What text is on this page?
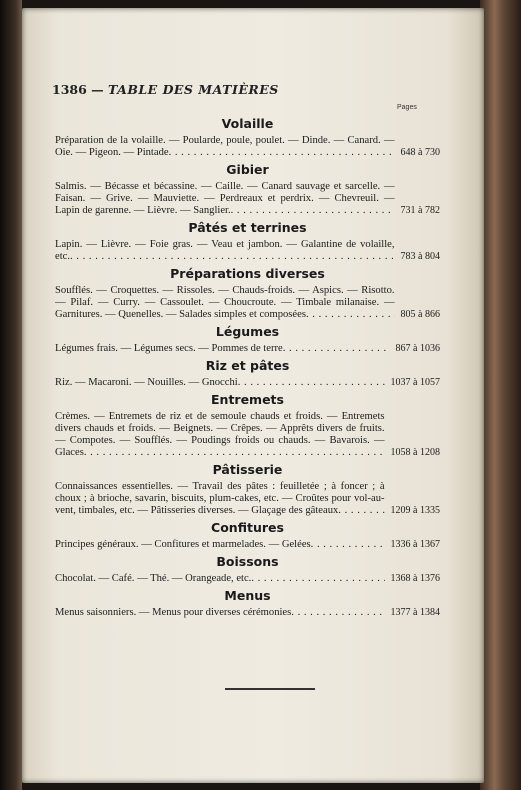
1386 — TABLE DES MATIÈRES
Pages
Volaille
Préparation de la volaille. — Poularde, poule, poulet. — Dinde. — Canard. — Oie. — Pigeon. — Pintade . . .	648 à 730
Gibier
Salmis. — Bécasse et bécassine. — Caille. — Canard sauvage et sarcelle. — Faisan. — Grive. — Mauviette. — Perdreaux et perdrix. — Chevreuil. — Lapin de garenne. — Lièvre. — Sanglier. . . .	731 à 782
Pâtés et terrines
Lapin. — Lièvre. — Foie gras. — Veau et jambon. — Galantine de volaille, etc. . . .	783 à 804
Préparations diverses
Soufflés. — Croquettes. — Rissoles. — Chauds-froids. — Aspics. — Risotto. — Pilaf. — Curry. — Cassoulet. — Choucroute. — Timbale milanaise. — Garnitures. — Quenelles. — Salades simples et composées . . .	805 à 866
Légumes
Légumes frais. — Légumes secs. — Pommes de terre . . .	867 à 1036
Riz et pâtes
Riz. — Macaroni. — Nouilles. — Gnocchi . . .	1037 à 1057
Entremets
Crèmes. — Entremets de riz et de semoule chauds et froids. — Entremets divers chauds et froids. — Beignets. — Crêpes. — Apprêts divers de fruits. — Compotes. — Soufflés. — Poudings froids ou chauds. — Bavarois. — Glaces . . .	1058 à 1208
Pâtisserie
Connaissances essentielles. — Travail des pâtes : feuilletée ; à foncer ; à choux ; à brioche, savarin, biscuits, plum-cakes, etc. — Croûtes pour vol-au-vent, timbales, etc. — Pâtisseries diverses. — Glaçage des gâteaux . . .	1209 à 1335
Confitures
Principes généraux. — Confitures et marmelades. — Gelées . . .	1336 à 1367
Boissons
Chocolat. — Café. — Thé. — Orangeade, etc. . . .	1368 à 1376
Menus
Menus saisonniers. — Menus pour diverses cérémonies . . .	1377 à 1384
